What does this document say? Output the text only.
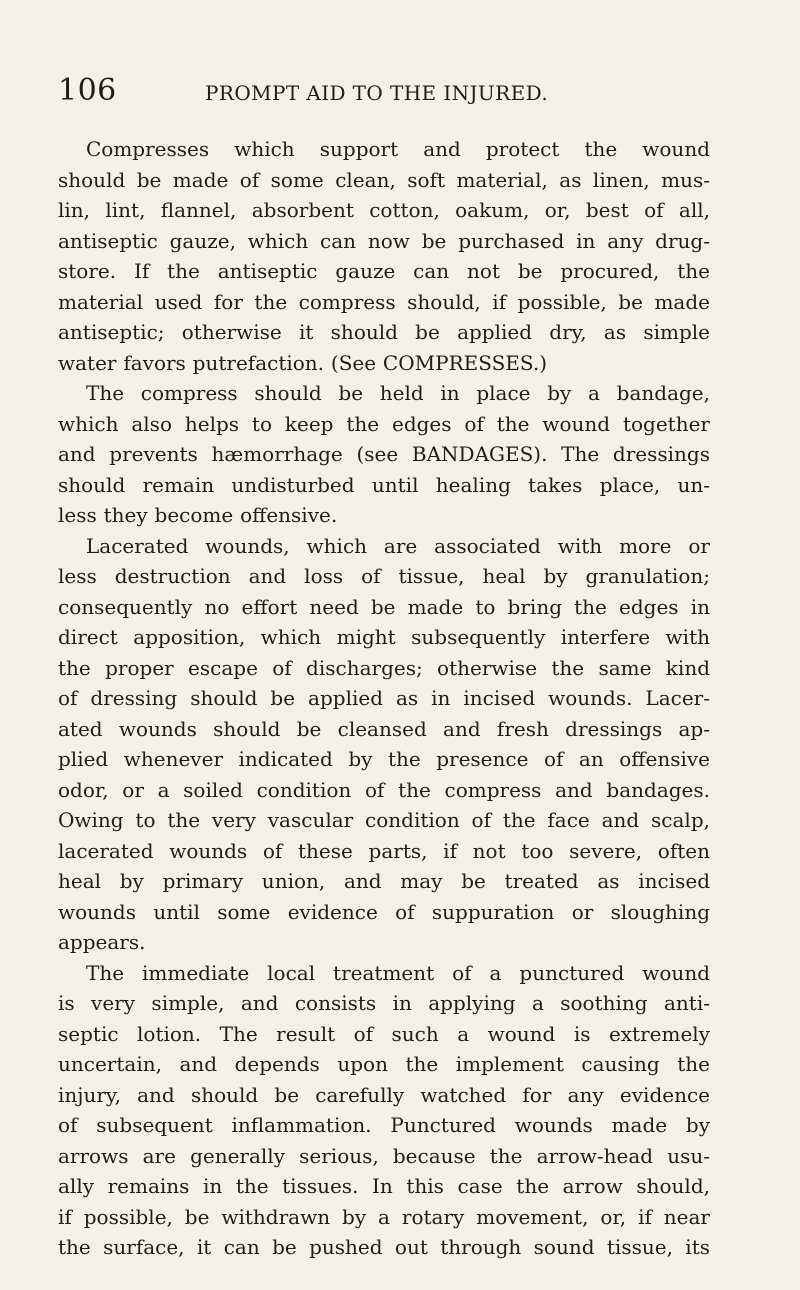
106	PROMPT AID TO THE INJURED.
Compresses which support and protect the wound
should be made of some clean, soft material, as linen, mus-
lin, lint, flannel, absorbent cotton, oakum, or, best of all,
antiseptic gauze, which can now be purchased in any drug-
store. If the antiseptic gauze can not be procured, the
material used for the compress should, if possible, be made
antiseptic; otherwise it should be applied dry, as simple
water favors putrefaction. (See COMPRESSES.)
The compress should be held in place by a bandage,
which also helps to keep the edges of the wound together
and prevents hæmorrhage (see BANDAGES). The dressings
should remain undisturbed until healing takes place, un-
less they become offensive.
Lacerated wounds, which are associated with more or
less destruction and loss of tissue, heal by granulation;
consequently no effort need be made to bring the edges in
direct apposition, which might subsequently interfere with
the proper escape of discharges; otherwise the same kind
of dressing should be applied as in incised wounds. Lacer-
ated wounds should be cleansed and fresh dressings ap-
plied whenever indicated by the presence of an offensive
odor, or a soiled condition of the compress and bandages.
Owing to the very vascular condition of the face and scalp,
lacerated wounds of these parts, if not too severe, often
heal by primary union, and may be treated as incised
wounds until some evidence of suppuration or sloughing
appears.
The immediate local treatment of a punctured wound
is very simple, and consists in applying a soothing anti-
septic lotion. The result of such a wound is extremely
uncertain, and depends upon the implement causing the
injury, and should be carefully watched for any evidence
of subsequent inflammation. Punctured wounds made by
arrows are generally serious, because the arrow-head usu-
ally remains in the tissues. In this case the arrow should,
if possible, be withdrawn by a rotary movement, or, if near
the surface, it can be pushed out through sound tissue, its
